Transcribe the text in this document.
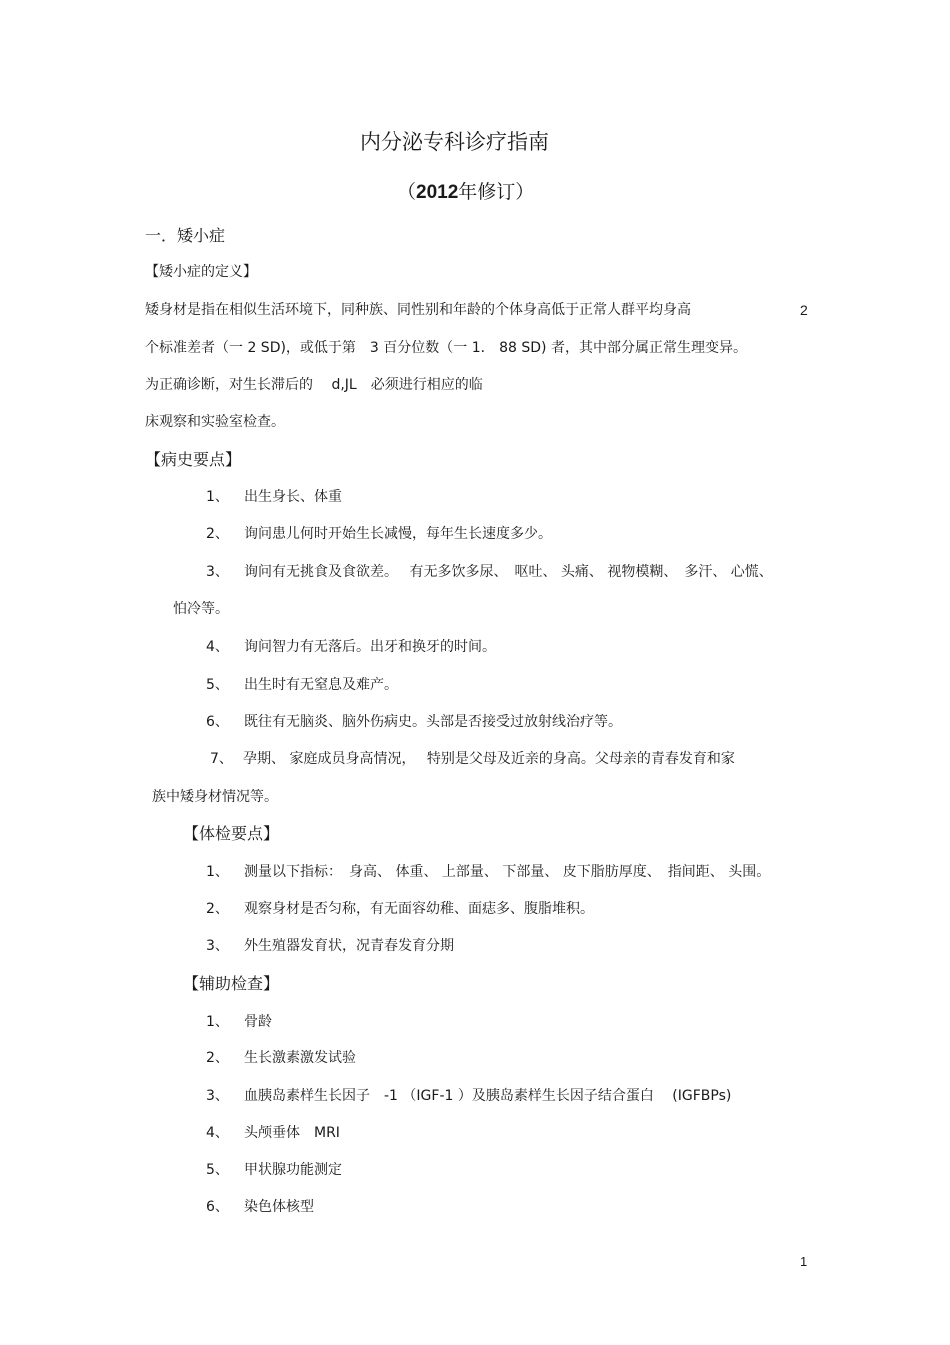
内分泌专科诊疗指南
（2012年修订）
一．矮小症
【矮小症的定义】
矮身材是指在相似生活环境下，同种族、同性别和年龄的个体身高低于正常人群平均身高	2
个标准差者（一 2 SD)，或低于第　3 百分位数（一 1． 88 SD) 者，其中部分属正常生理变异。
为正确诊断，对生长滞后的　 d,JL　必须进行相应的临
床观察和实验室检查。
【病史要点】
1、 出生身长、体重
2、 询问患儿何时开始生长减慢，每年生长速度多少。
3、 询问有无挑食及食欲差。　 有无多饮多尿、　呕吐、 头痛、 视物模糊、　多汗、 心慌、
怕冷等。
4、 询问智力有无落后。出牙和换牙的时间。
5、 出生时有无窒息及难产。
6、 既往有无脑炎、脑外伤病史。头部是否接受过放射线治疗等。
7、 孕期、 家庭成员身高情况，　 特别是父母及近亲的身高。父母亲的青春发育和家
族中矮身材情况等。
【体检要点】
1、 测量以下指标：　身高、 体重、 上部量、 下部量、 皮下脂肪厚度、　指间距、 头围。
2、 观察身材是否匀称，有无面容幼稚、面痣多、腹脂堆积。
3、 外生殖器发育状，况青春发育分期
【辅助检查】
1、 骨龄
2、 生长激素激发试验
3、 血胰岛素样生长因子　-1 （IGF-1 ）及胰岛素样生长因子结合蛋白　 (IGFBPs)
4、 头颅垂体　MRI
5、 甲状腺功能测定
6、 染色体核型
1
